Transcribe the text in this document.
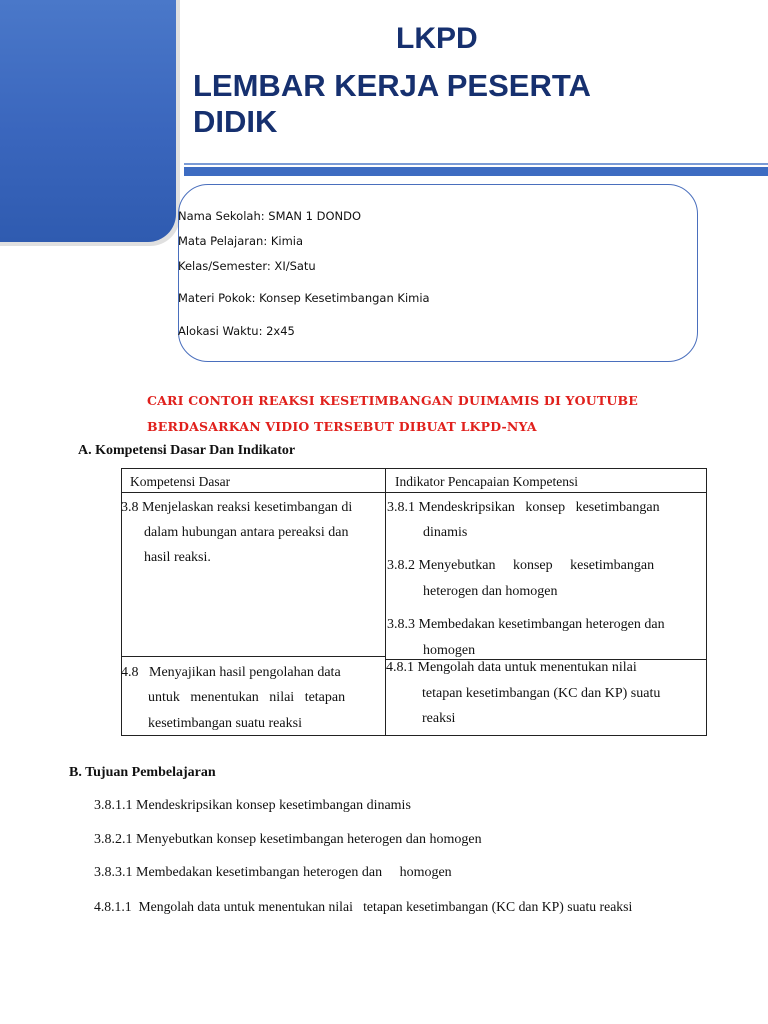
LKPD
LEMBAR KERJA PESERTA
DIDIK
Nama Sekolah: SMAN 1 DONDO
Mata Pelajaran: Kimia
Kelas/Semester: XI/Satu
Materi Pokok: Konsep Kesetimbangan Kimia
Alokasi Waktu: 2x45
CARI CONTOH REAKSI KESETIMBANGAN DUIMAMIS DI YOUTUBE
BERDASARKAN VIDIO TERSEBUT DIBUAT LKPD-NYA
A. Kompetensi Dasar Dan Indikator
Kompetensi Dasar	Indikator Pencapaian Kompetensi
3.8 Menjelaskan reaksi kesetimbangan di
dalam hubungan antara pereaksi dan
hasil reaksi.
3.8.1 Mendeskripsikan   konsep   kesetimbangan
dinamis
3.8.2 Menyebutkan     konsep     kesetimbangan
heterogen dan homogen
3.8.3 Membedakan kesetimbangan heterogen dan
homogen
4.8   Menyajikan hasil pengolahan data
untuk   menentukan   nilai   tetapan
kesetimbangan suatu reaksi
4.8.1 Mengolah data untuk menentukan nilai
tetapan kesetimbangan (KC dan KP) suatu
reaksi
B. Tujuan Pembelajaran
3.8.1.1 Mendeskripsikan konsep kesetimbangan dinamis
3.8.2.1 Menyebutkan konsep kesetimbangan heterogen dan homogen
3.8.3.1 Membedakan kesetimbangan heterogen dan     homogen
4.8.1.1  Mengolah data untuk menentukan nilai   tetapan kesetimbangan (KC dan KP) suatu reaksi
